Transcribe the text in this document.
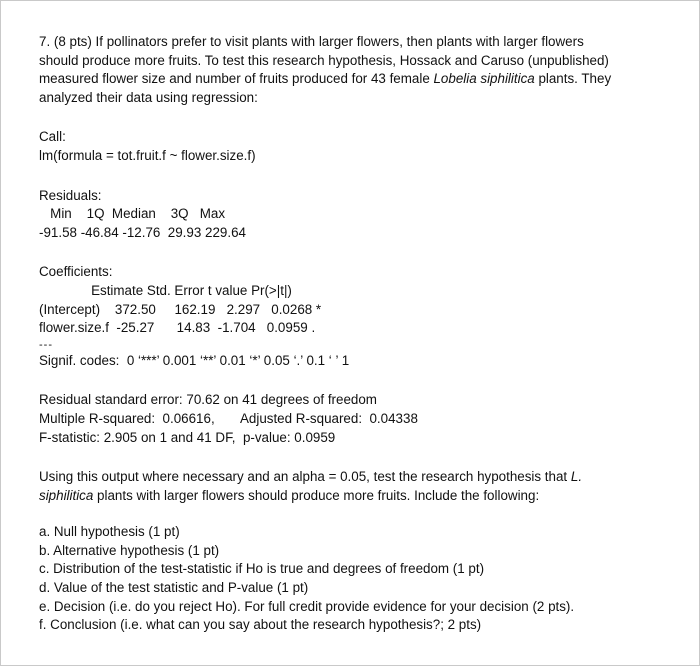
7. (8 pts) If pollinators prefer to visit plants with larger flowers, then plants with larger flowers

should produce more fruits. To test this research hypothesis, Hossack and Caruso (unpublished)

measured flower size and number of fruits produced for 43 female Lobelia siphilitica plants. They

analyzed their data using regression:

Call:

lm(formula = tot.fruit.f ~ flower.size.f)

Residuals:

Min    1Q  Median    3Q   Max

-91.58 -46.84 -12.76  29.93 229.64

Coefficients:

Estimate Std. Error t value Pr(>|t|)

(Intercept)    372.50     162.19   2.297   0.0268 *

flower.size.f  -25.27      14.83  -1.704   0.0959 .

---

Signif. codes:  0 ‘***’ 0.001 ‘**’ 0.01 ‘*’ 0.05 ‘.’ 0.1 ‘ ’ 1

Residual standard error: 70.62 on 41 degrees of freedom

Multiple R-squared:  0.06616,       Adjusted R-squared:  0.04338

F-statistic: 2.905 on 1 and 41 DF,  p-value: 0.0959

Using this output where necessary and an alpha = 0.05, test the research hypothesis that L.

siphilitica plants with larger flowers should produce more fruits. Include the following:

a. Null hypothesis (1 pt)

b. Alternative hypothesis (1 pt)

c. Distribution of the test-statistic if Ho is true and degrees of freedom (1 pt)

d. Value of the test statistic and P-value (1 pt)

e. Decision (i.e. do you reject Ho). For full credit provide evidence for your decision (2 pts).

f. Conclusion (i.e. what can you say about the research hypothesis?; 2 pts)
